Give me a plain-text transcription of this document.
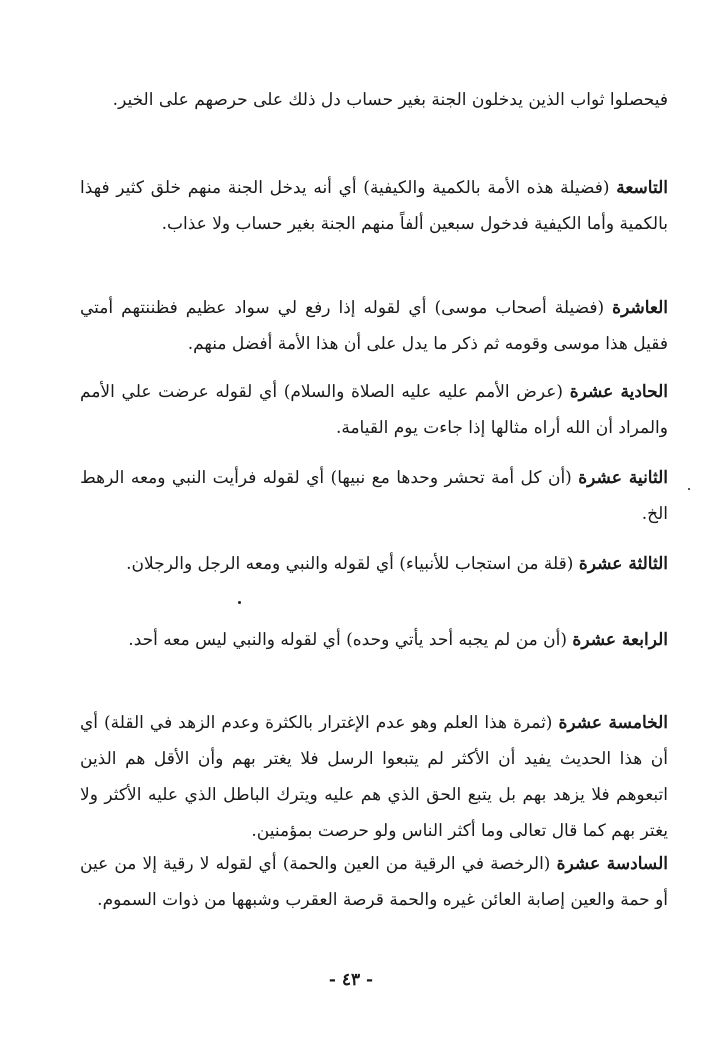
فيحصلوا ثواب الذين يدخلون الجنة بغير حساب دل ذلك على حرصهم على الخير.

التاسعة (فضيلة هذه الأمة بالكمية والكيفية) أي أنه يدخل الجنة منهم خلق كثير فهذا بالكمية وأما الكيفية فدخول سبعين ألفاً منهم الجنة بغير حساب ولا عذاب.

العاشرة (فضيلة أصحاب موسى) أي لقوله إذا رفع لي سواد عظيم فظننتهم أمتي فقيل هذا موسى وقومه ثم ذكر ما يدل على أن هذا الأمة أفضل منهم.

الحادية عشرة (عرض الأمم عليه عليه الصلاة والسلام) أي لقوله عرضت علي الأمم والمراد أن الله أراه مثالها إذا جاءت يوم القيامة.

الثانية عشرة (أن كل أمة تحشر وحدها مع نبيها) أي لقوله فرأيت النبي ومعه الرهط الخ.

الثالثة عشرة (قلة من استجاب للأنبياء) أي لقوله والنبي ومعه الرجل والرجلان.

الرابعة عشرة (أن من لم يجبه أحد يأتي وحده) أي لقوله والنبي ليس معه أحد.

الخامسة عشرة (ثمرة هذا العلم وهو عدم الإغترار بالكثرة وعدم الزهد في القلة) أي أن هذا الحديث يفيد أن الأكثر لم يتبعوا الرسل فلا يغتر بهم وأن الأقل هم الذين اتبعوهم فلا يزهد بهم بل يتبع الحق الذي هم عليه ويترك الباطل الذي عليه الأكثر ولا يغتر بهم كما قال تعالى وما أكثر الناس ولو حرصت بمؤمنين.

السادسة عشرة (الرخصة في الرقية من العين والحمة) أي لقوله لا رقية إلا من عين أو حمة والعين إصابة العائن غيره والحمة قرصة العقرب وشبهها من ذوات السموم.

- ٤٣ -
